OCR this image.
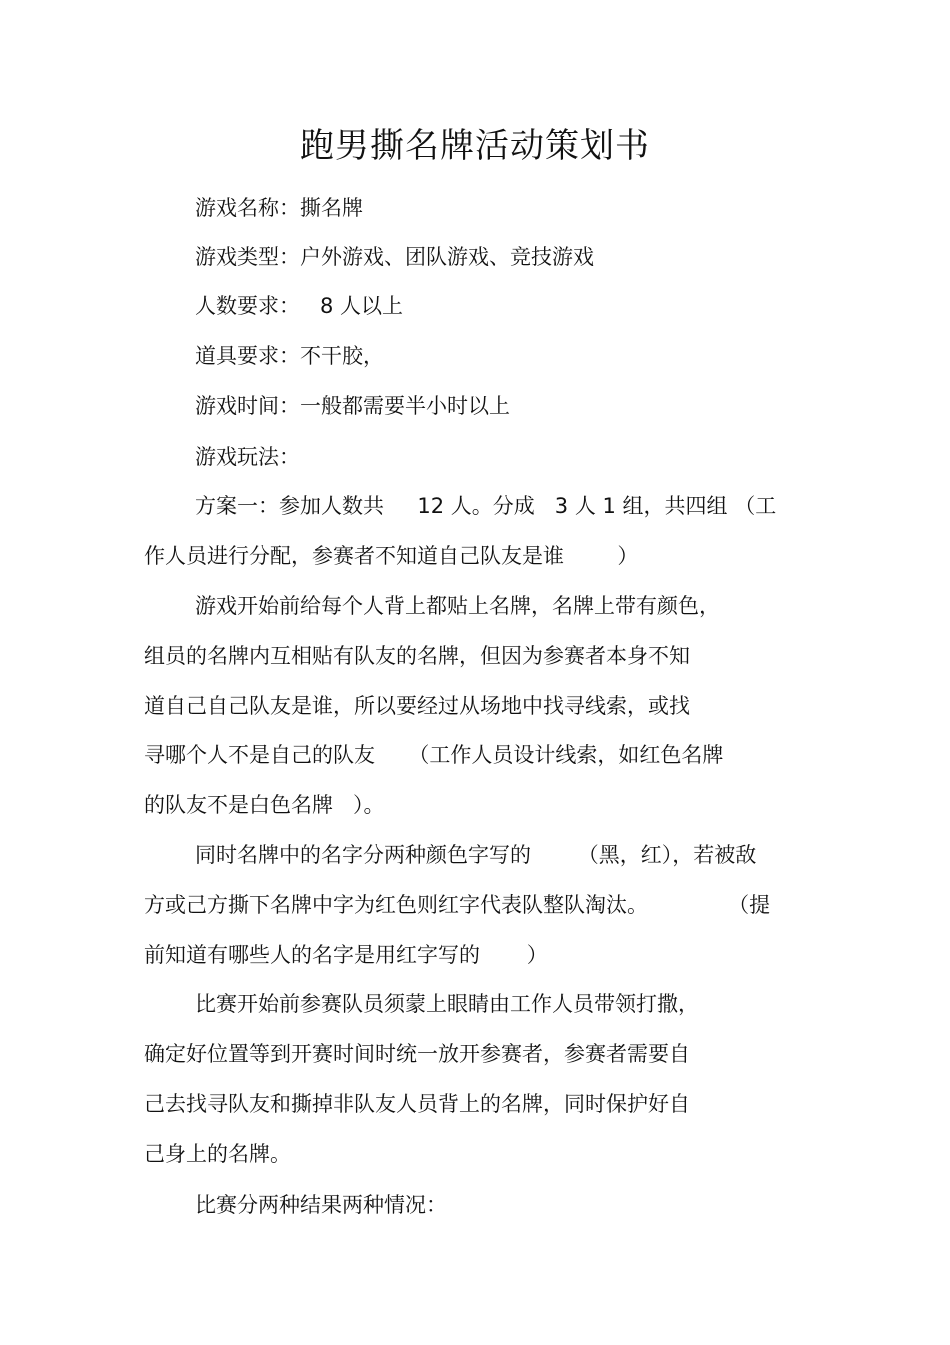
跑男撕名牌活动策划书

游戏名称：撕名牌

游戏类型：户外游戏、团队游戏、竞技游戏

人数要求：   8 人以上

道具要求：不干胶，

游戏时间：一般都需要半小时以上

游戏玩法：

方案一：参加人数共     12 人。分成   3 人 1 组，共四组 （工

作人员进行分配，参赛者不知道自己队友是谁        ）

游戏开始前给每个人背上都贴上名牌，名牌上带有颜色，

组员的名牌内互相贴有队友的名牌，但因为参赛者本身不知

道自己自己队友是谁，所以要经过从场地中找寻线索，或找

寻哪个人不是自己的队友     （工作人员设计线索，如红色名牌

的队友不是白色名牌   ）。

同时名牌中的名字分两种颜色字写的       （黑，红），若被敌

方或己方撕下名牌中字为红色则红字代表队整队淘汰。            （提

前知道有哪些人的名字是用红字写的       ）

比赛开始前参赛队员须蒙上眼睛由工作人员带领打撒，

确定好位置等到开赛时间时统一放开参赛者，参赛者需要自

己去找寻队友和撕掉非队友人员背上的名牌，同时保护好自

己身上的名牌。

比赛分两种结果两种情况：
